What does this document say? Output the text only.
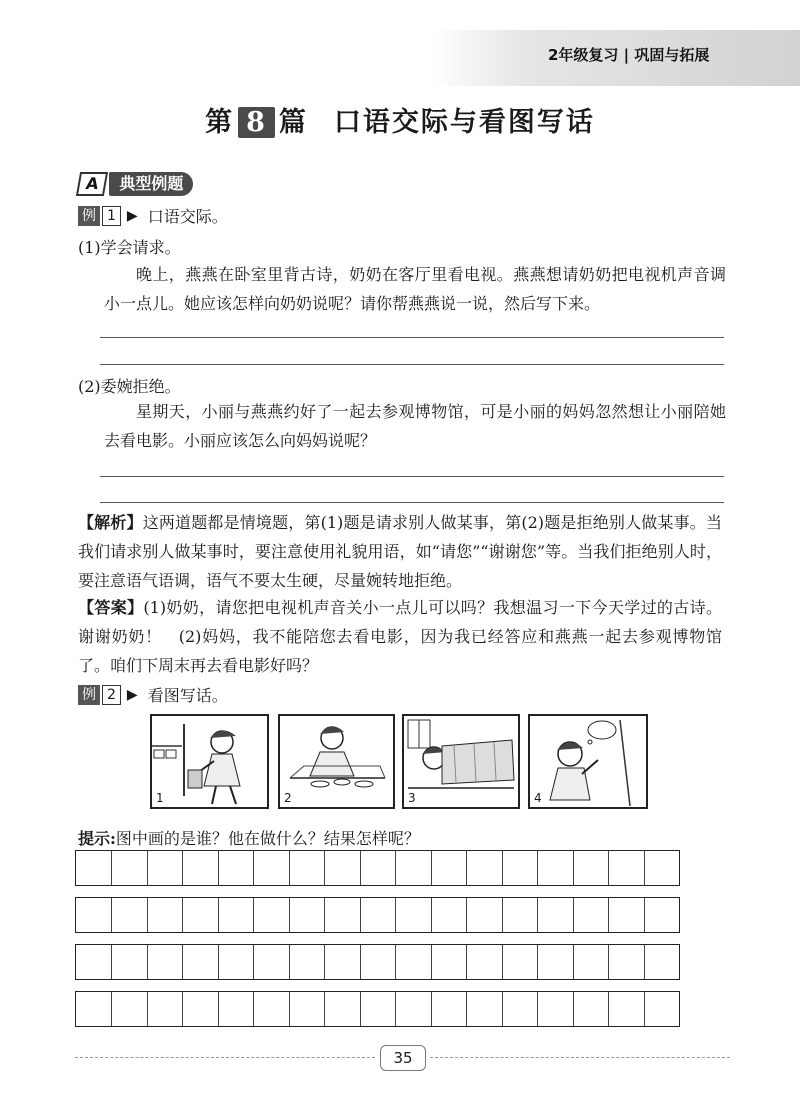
2年级复习 | 巩固与拓展
第 8 篇 口语交际与看图写话
A	典型例题
例 1 ▶ 口语交际。
(1)学会请求。
晚上，燕燕在卧室里背古诗，奶奶在客厅里看电视。燕燕想请奶奶把电视机声音调小一点儿。她应该怎样向奶奶说呢？请你帮燕燕说一说，然后写下来。
(2)委婉拒绝。
星期天，小丽与燕燕约好了一起去参观博物馆，可是小丽的妈妈忽然想让小丽陪她去看电影。小丽应该怎么向妈妈说呢？
【解析】这两道题都是情境题，第(1)题是请求别人做某事，第(2)题是拒绝别人做某事。当我们请求别人做某事时，要注意使用礼貌用语，如“请您”“谢谢您”等。当我们拒绝别人时，要注意语气语调，语气不要太生硬，尽量婉转地拒绝。
【答案】(1)奶奶，请您把电视机声音关小一点儿可以吗？我想温习一下今天学过的古诗。谢谢奶奶！　(2)妈妈，我不能陪您去看电影，因为我已经答应和燕燕一起去参观博物馆了。咱们下周末再去看电影好吗？
例 2 ▶ 看图写话。
1	2	3	4
提示:图中画的是谁？他在做什么？结果怎样呢？
35
